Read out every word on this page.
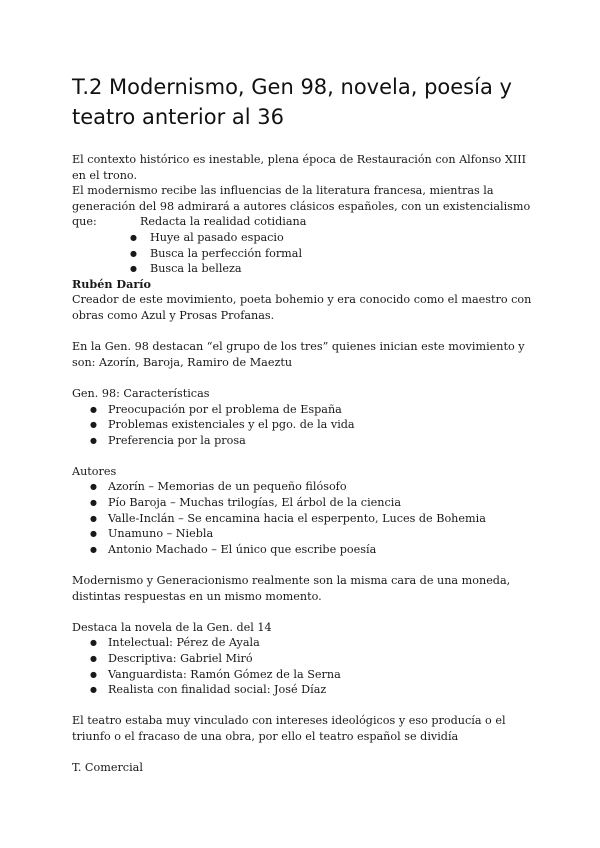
T.2 Modernismo, Gen 98, novela, poesía y teatro anterior al 36

El contexto histórico es inestable, plena época de Restauración con Alfonso XIII en el trono.

El modernismo recibe las influencias de la literatura francesa, mientras la generación del 98 admirará a autores clásicos españoles, con un existencialismo

que:	Redacta la realidad cotidiana
● Huye al pasado espacio
● Busca la perfección formal
● Busca la belleza

Rubén Darío

Creador de este movimiento, poeta bohemio y era conocido como el maestro con obras como Azul y Prosas Profanas.

En la Gen. 98 destacan “el grupo de los tres” quienes inician este movimiento y son: Azorín, Baroja, Ramiro de Maeztu

Gen. 98: Características

● Preocupación por el problema de España
● Problemas existenciales y el pgo. de la vida
● Preferencia por la prosa

Autores

● Azorín – Memorias de un pequeño filósofo
● Pío Baroja – Muchas trilogías, El árbol de la ciencia
● Valle-Inclán – Se encamina hacia el esperpento, Luces de Bohemia
● Unamuno – Niebla
● Antonio Machado – El único que escribe poesía

Modernismo y Generacionismo realmente son la misma cara de una moneda, distintas respuestas en un mismo momento.

Destaca la novela de la Gen. del 14

● Intelectual: Pérez de Ayala
● Descriptiva: Gabriel Miró
● Vanguardista: Ramón Gómez de la Serna
● Realista con finalidad social: José Díaz

El teatro estaba muy vinculado con intereses ideológicos y eso producía o el triunfo o el fracaso de una obra, por ello el teatro español se dividía

T. Comercial
